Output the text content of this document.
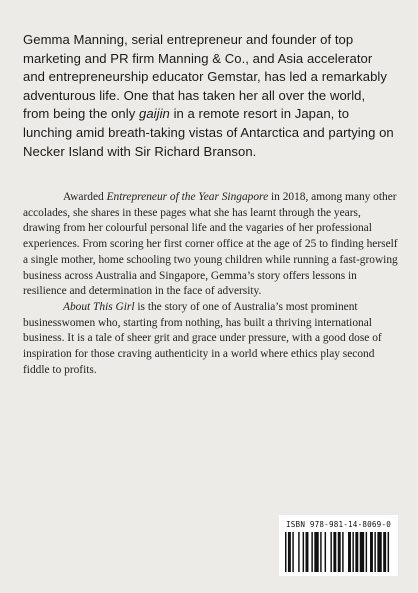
Gemma Manning, serial entrepreneur and founder of top marketing and PR firm Manning & Co., and Asia accelerator and entrepreneurship educator Gemstar, has led a remarkably adventurous life. One that has taken her all over the world, from being the only gaijin in a remote resort in Japan, to lunching amid breath-taking vistas of Antarctica and partying on Necker Island with Sir Richard Branson.

Awarded Entrepreneur of the Year Singapore in 2018, among many other accolades, she shares in these pages what she has learnt through the years, drawing from her colourful personal life and the vagaries of her professional experiences. From scoring her first corner office at the age of 25 to finding herself a single mother, home schooling two young children while running a fast-growing business across Australia and Singapore, Gemma’s story offers lessons in resilience and determination in the face of adversity.

About This Girl is the story of one of Australia’s most prominent businesswomen who, starting from nothing, has built a thriving international business. It is a tale of sheer grit and grace under pressure, with a good dose of inspiration for those craving authenticity in a world where ethics play second fiddle to profits.

ISBN 978-981-14-8069-0
